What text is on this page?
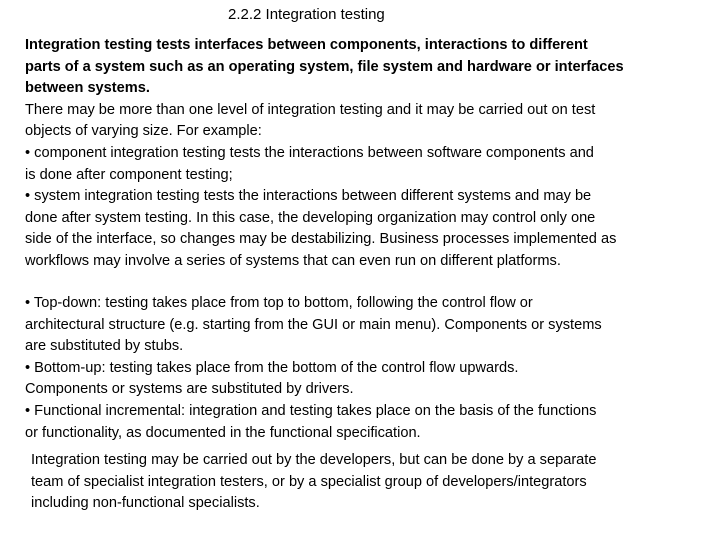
2.2.2 Integration testing
Integration testing tests interfaces between components, interactions to different
parts of a system such as an operating system, file system and hardware or interfaces
between systems.
There may be more than one level of integration testing and it may be carried out on test
objects of varying size. For example:
• component integration testing tests the interactions between software components and
is done after component testing;
• system integration testing tests the interactions between different systems and may be
done after system testing. In this case, the developing organization may control only one
side of the interface, so changes may be destabilizing. Business processes implemented as
workflows may involve a series of systems that can even run on different platforms.
• Top-down: testing takes place from top to bottom, following the control flow or
architectural structure (e.g. starting from the GUI or main menu). Components or systems
are substituted by stubs.
• Bottom-up: testing takes place from the bottom of the control flow upwards.
Components or systems are substituted by drivers.
• Functional incremental: integration and testing takes place on the basis of the functions
or functionality, as documented in the functional specification.
Integration testing may be carried out by the developers, but can be done by a separate
team of specialist integration testers, or by a specialist group of developers/integrators
including non-functional specialists.
